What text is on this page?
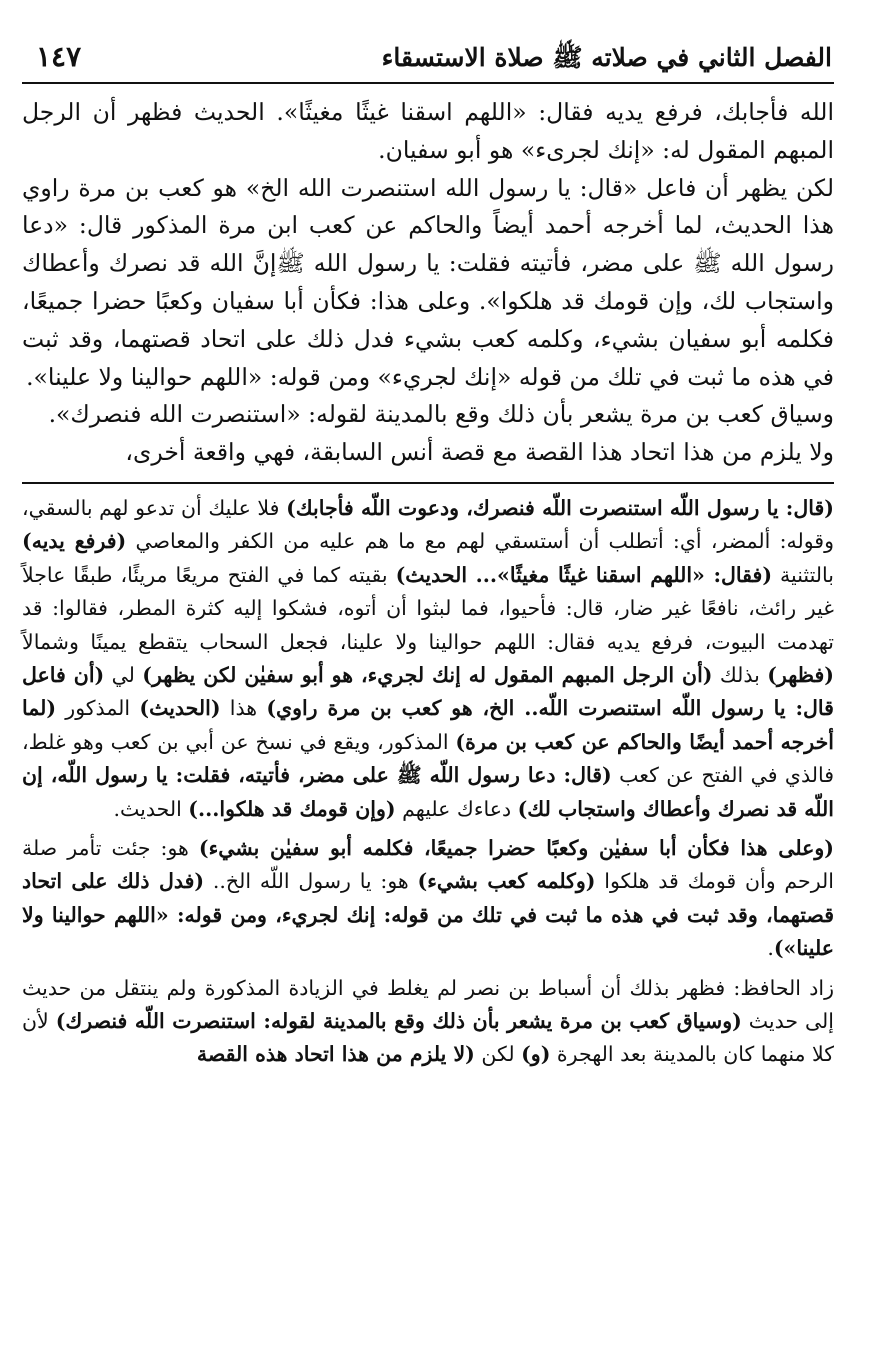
١٤٧	الفصل الثاني في صلاته ﷺ صلاة الاستسقاء

الله فأجابك، فرفع يديه فقال: «اللهم اسقنا غيثًا مغيثًا». الحديث فظهر أن الرجل المبهم المقول له: «إنك لجرىء» هو أبو سفيان.

لكن يظهر أن فاعل «قال: يا رسول الله استنصرت الله الخ» هو كعب بن مرة راوي هذا الحديث، لما أخرجه أحمد أيضاً والحاكم عن كعب ابن مرة المذكور قال: «دعا رسول الله ﷺ على مضر، فأتيته فقلت: يا رسول الله ﷺإنَّ الله قد نصرك وأعطاك واستجاب لك، وإن قومك قد هلكوا». وعلى هذا: فكأن أبا سفيان وكعبًا حضرا جميعًا، فكلمه أبو سفيان بشيء، وكلمه كعب بشيء فدل ذلك على اتحاد قصتهما، وقد ثبت في هذه ما ثبت في تلك من قوله «إنك لجريء» ومن قوله: «اللهم حوالينا ولا علينا».

وسياق كعب بن مرة يشعر بأن ذلك وقع بالمدينة لقوله: «استنصرت الله فنصرك».

ولا يلزم من هذا اتحاد هذا القصة مع قصة أنس السابقة، فهي واقعة أخرى،

(قال: يا رسول اللّه استنصرت اللّه فنصرك، ودعوت اللّه فأجابك) فلا عليك أن تدعو لهم بالسقي، وقوله: ألمضر، أي: أتطلب أن أستسقي لهم مع ما هم عليه من الكفر والمعاصي (فرفع يديه) بالتثنية (فقال: «اللهم اسقنا غيثًا مغيثًا»... الحديث) بقيته كما في الفتح مريعًا مريئًا، طبقًا عاجلاً غير رائث، نافعًا غير ضار، قال: فأحيوا، فما لبثوا أن أتوه، فشكوا إليه كثرة المطر، فقالوا: قد تهدمت البيوت، فرفع يديه فقال: اللهم حوالينا ولا علينا، فجعل السحاب يتقطع يمينًا وشمالاً (فظهر) بذلك (أن الرجل المبهم المقول له إنك لجريء، هو أبو سفيٰن لكن يظهر) لي (أن فاعل قال: يا رسول اللّه استنصرت اللّه.. الخ، هو كعب بن مرة راوي) هذا (الحديث) المذكور (لما أخرجه أحمد أيضًا والحاكم عن كعب بن مرة) المذكور، ويقع في نسخ عن أبي بن كعب وهو غلط، فالذي في الفتح عن كعب (قال: دعا رسول اللّه ﷺ على مضر، فأتيته، فقلت: يا رسول اللّه، إن اللّه قد نصرك وأعطاك واستجاب لك) دعاءك عليهم (وإن قومك قد هلكوا...) الحديث.

(وعلى هذا فكأن أبا سفيٰن وكعبًا حضرا جميعًا، فكلمه أبو سفيٰن بشيء) هو: جئت تأمر صلة الرحم وأن قومك قد هلكوا (وكلمه كعب بشيء) هو: يا رسول اللّه الخ.. (فدل ذلك على اتحاد قصتهما، وقد ثبت في هذه ما ثبت في تلك من قوله: إنك لجريء، ومن قوله: «اللهم حوالينا ولا علينا»).

زاد الحافظ: فظهر بذلك أن أسباط بن نصر لم يغلط في الزيادة المذكورة ولم ينتقل من حديث إلى حديث (وسياق كعب بن مرة يشعر بأن ذلك وقع بالمدينة لقوله: استنصرت اللّه فنصرك) لأن كلا منهما كان بالمدينة بعد الهجرة (و) لكن (لا يلزم من هذا اتحاد هذه القصة
